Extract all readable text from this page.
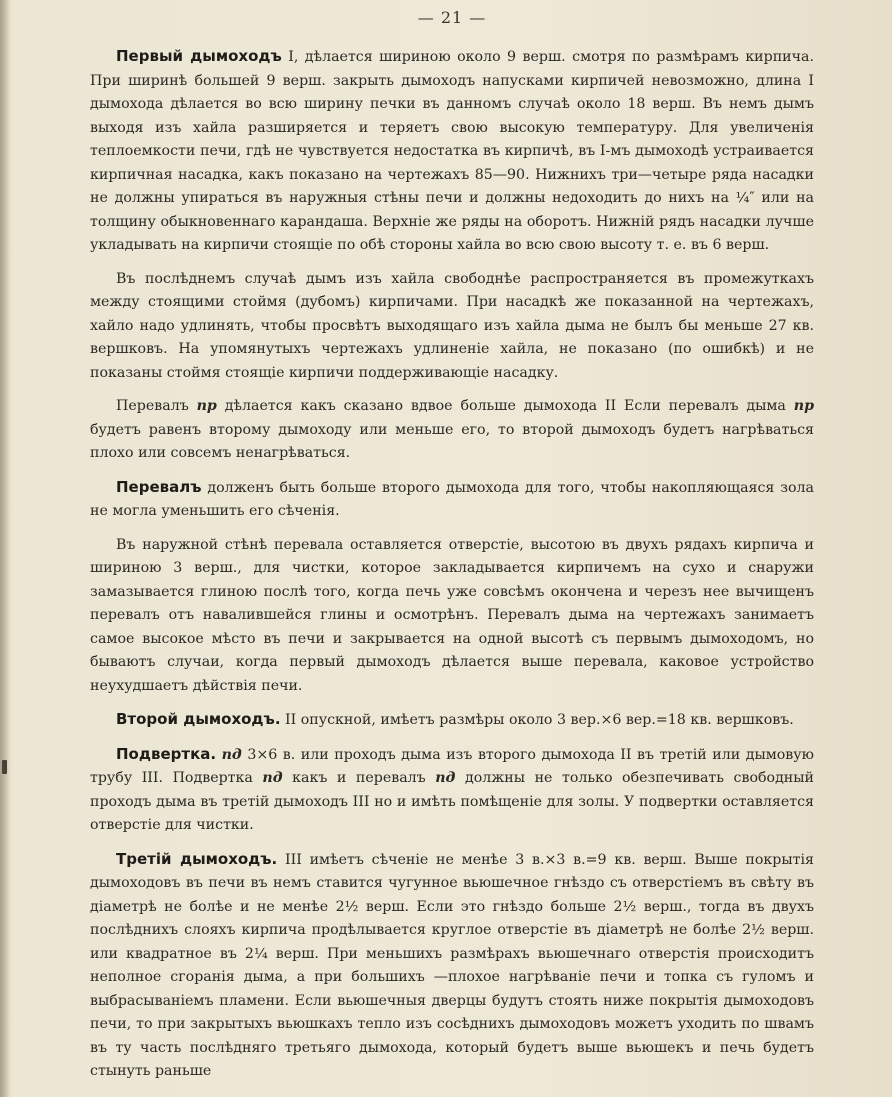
— 21 —

Первый дымоходъ I, дѣлается шириною около 9 верш. смотря по размѣрамъ кирпича. При ширинѣ большей 9 верш. закрыть дымоходъ напусками кирпичей невозможно, длина I дымохода дѣлается во всю ширину печки въ данномъ случаѣ около 18 верш. Въ немъ дымъ выходя изъ хайла разширяется и теряетъ свою высокую температуру. Для увеличенія теплоемкости печи, гдѣ не чувствуется недостатка въ кирпичѣ, въ I-мъ дымоходѣ устраивается кирпичная насадка, какъ показано на чертежахъ 85—90. Нижнихъ три—четыре ряда насадки не должны упираться въ наружныя стѣны печи и должны недоходить до нихъ на ¼″ или на толщину обыкновеннаго карандаша. Верхніе же ряды на оборотъ. Нижній рядъ насадки лучше укладывать на кирпичи стоящіе по обѣ стороны хайла во всю свою высоту т. е. въ 6 верш.

Въ послѣднемъ случаѣ дымъ изъ хайла свободнѣе распространяется въ промежуткахъ между стоящими стоймя (дубомъ) кирпичами. При насадкѣ же показанной на чертежахъ, хайло надо удлинять, чтобы просвѣтъ выходящаго изъ хайла дыма не былъ бы меньше 27 кв. вершковъ. На упомянутыхъ чертежахъ удлиненіе хайла, не показано (по ошибкѣ) и не показаны стоймя стоящіе кирпичи поддерживающіе насадку.

Перевалъ пр дѣлается какъ сказано вдвое больше дымохода II Если перевалъ дыма пр будетъ равенъ второму дымоходу или меньше его, то второй дымоходъ будетъ нагрѣваться плохо или совсемъ ненагрѣваться.

Перевалъ долженъ быть больше второго дымохода для того, чтобы накопляющаяся зола не могла уменьшить его сѣченія.

Въ наружной стѣнѣ перевала оставляется отверстіе, высотою въ двухъ рядахъ кирпича и шириною 3 верш., для чистки, которое закладывается кирпичемъ на сухо и снаружи замазывается глиною послѣ того, когда печь уже совсѣмъ окончена и черезъ нее вычищенъ перевалъ отъ навалившейся глины и осмотрѣнъ. Перевалъ дыма на чертежахъ занимаетъ самое высокое мѣсто въ печи и закрывается на одной высотѣ съ первымъ дымоходомъ, но бываютъ случаи, когда первый дымоходъ дѣлается выше перевала, каковое устройство неухудшаетъ дѣйствія печи.

Второй дымоходъ. II опускной, имѣетъ размѣры около 3 вер.×6 вер.=18 кв. вершковъ.

Подвертка. пд 3×6 в. или проходъ дыма изъ второго дымохода II въ третій или дымовую трубу III. Подвертка пд какъ и перевалъ пд должны не только обезпечивать свободный проходъ дыма въ третій дымоходъ III но и имѣть помѣщеніе для золы. У подвертки оставляется отверстіе для чистки.

Третій дымоходъ. III имѣетъ сѣченіе не менѣе 3 в.×3 в.=9 кв. верш. Выше покрытія дымоходовъ въ печи въ немъ ставится чугунное вьюшечное гнѣздо съ отверстіемъ въ свѣту въ діаметрѣ не болѣе и не менѣе 2½ верш. Если это гнѣздо больше 2½ верш., тогда въ двухъ послѣднихъ слояхъ кирпича продѣлывается круглое отверстіе въ діаметрѣ не болѣе 2½ верш. или квадратное въ 2¼ верш. При меньшихъ размѣрахъ вьюшечнаго отверстія происходитъ неполное сгоранія дыма, а при большихъ —плохое нагрѣваніе печи и топка съ гуломъ и выбрасываніемъ пламени. Если вьюшечныя дверцы будутъ стоять ниже покрытія дымоходовъ печи, то при закрытыхъ вьюшкахъ тепло изъ сосѣднихъ дымоходовъ можетъ уходить по швамъ въ ту часть послѣдняго третьяго дымохода, который будетъ выше вьюшекъ и печь будетъ стынуть раньше
